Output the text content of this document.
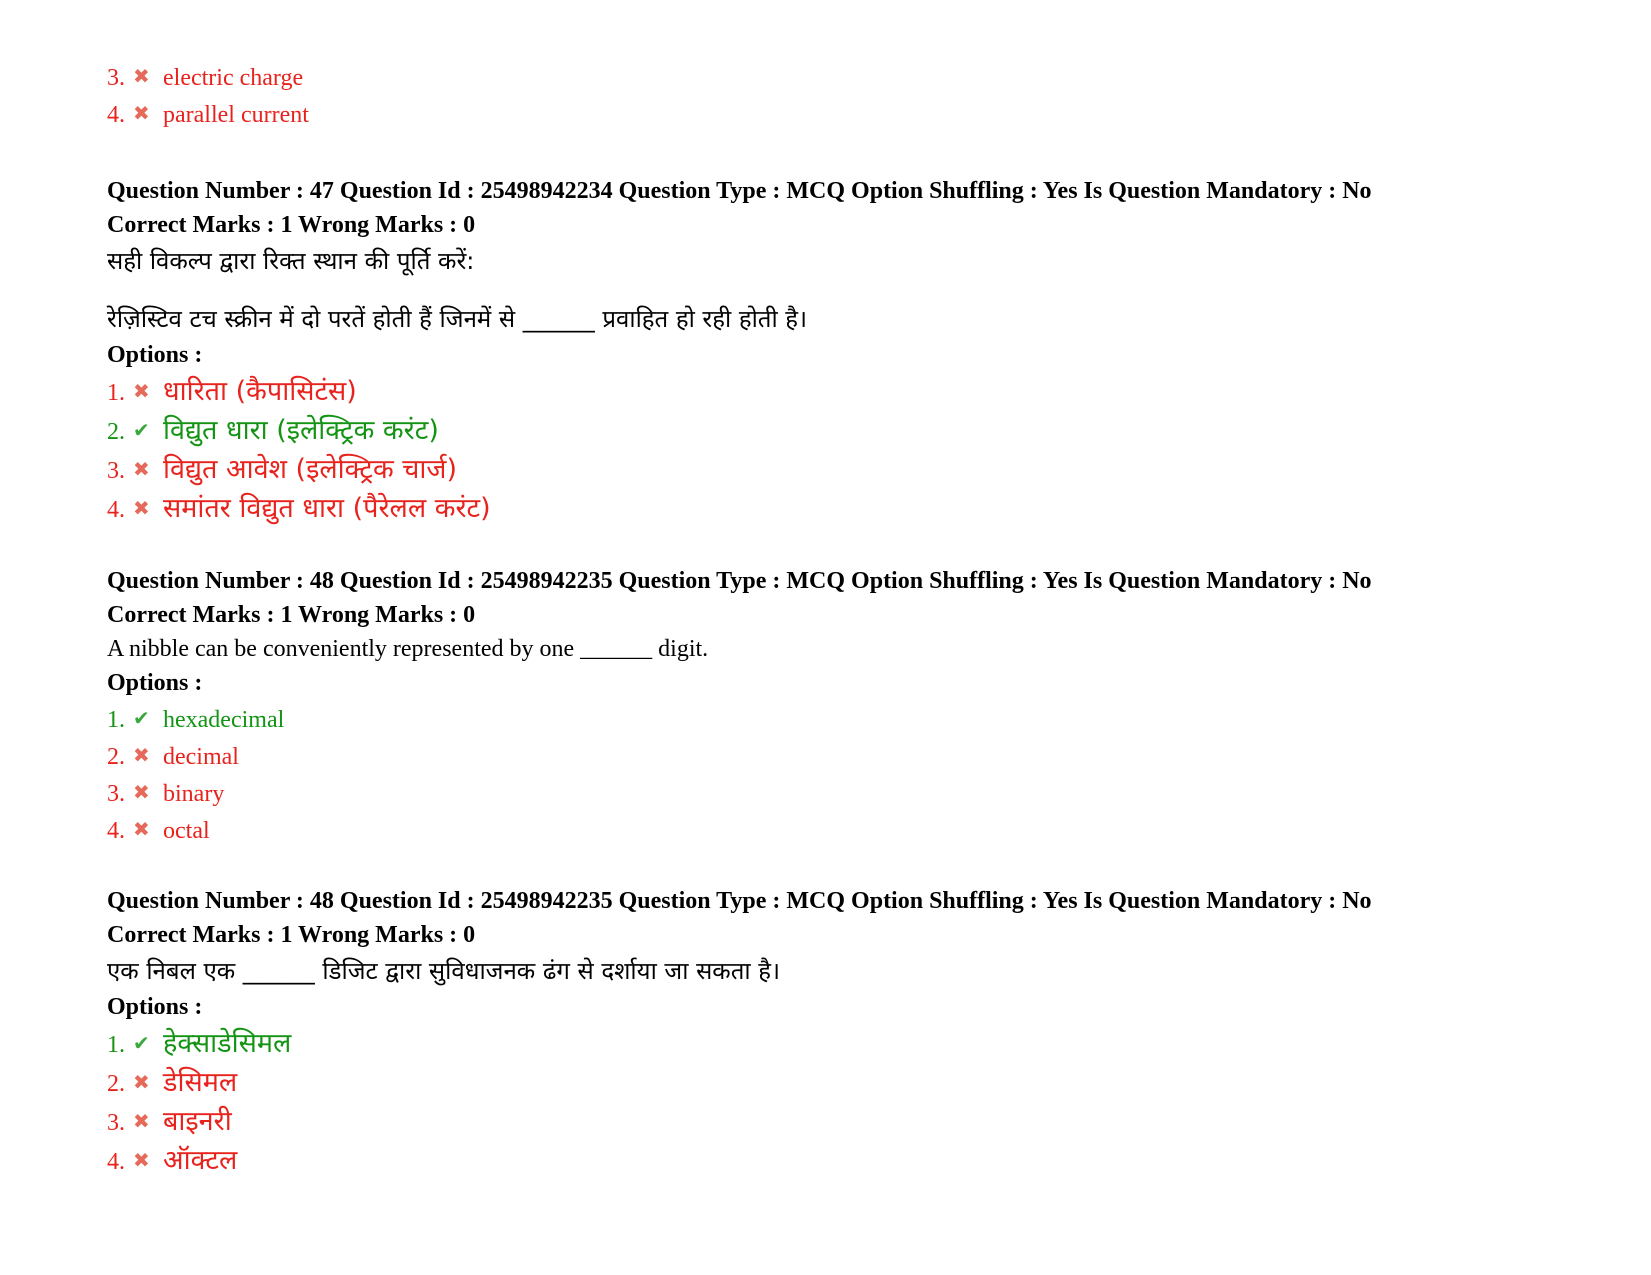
3. ✖ electric charge
4. ✖ parallel current
Question Number : 47 Question Id : 25498942234 Question Type : MCQ Option Shuffling : Yes Is Question Mandatory : No
Correct Marks : 1 Wrong Marks : 0
सही विकल्प द्वारा रिक्त स्थान की पूर्ति करें:
रेज़िस्टिव टच स्क्रीन में दो परतें होती हैं जिनमें से ______ प्रवाहित हो रही होती है।
Options :
1. ✖ धारिता (कैपासिटंस)
2. ✔ विद्युत धारा (इलेक्ट्रिक करंट)
3. ✖ विद्युत आवेश (इलेक्ट्रिक चार्ज)
4. ✖ समांतर विद्युत धारा (पैरेलल करंट)
Question Number : 48 Question Id : 25498942235 Question Type : MCQ Option Shuffling : Yes Is Question Mandatory : No
Correct Marks : 1 Wrong Marks : 0
A nibble can be conveniently represented by one ______ digit.
Options :
1. ✔ hexadecimal
2. ✖ decimal
3. ✖ binary
4. ✖ octal
Question Number : 48 Question Id : 25498942235 Question Type : MCQ Option Shuffling : Yes Is Question Mandatory : No
Correct Marks : 1 Wrong Marks : 0
एक निबल एक ______ डिजिट द्वारा सुविधाजनक ढंग से दर्शाया जा सकता है।
Options :
1. ✔ हेक्साडेसिमल
2. ✖ डेसिमल
3. ✖ बाइनरी
4. ✖ ऑक्टल
